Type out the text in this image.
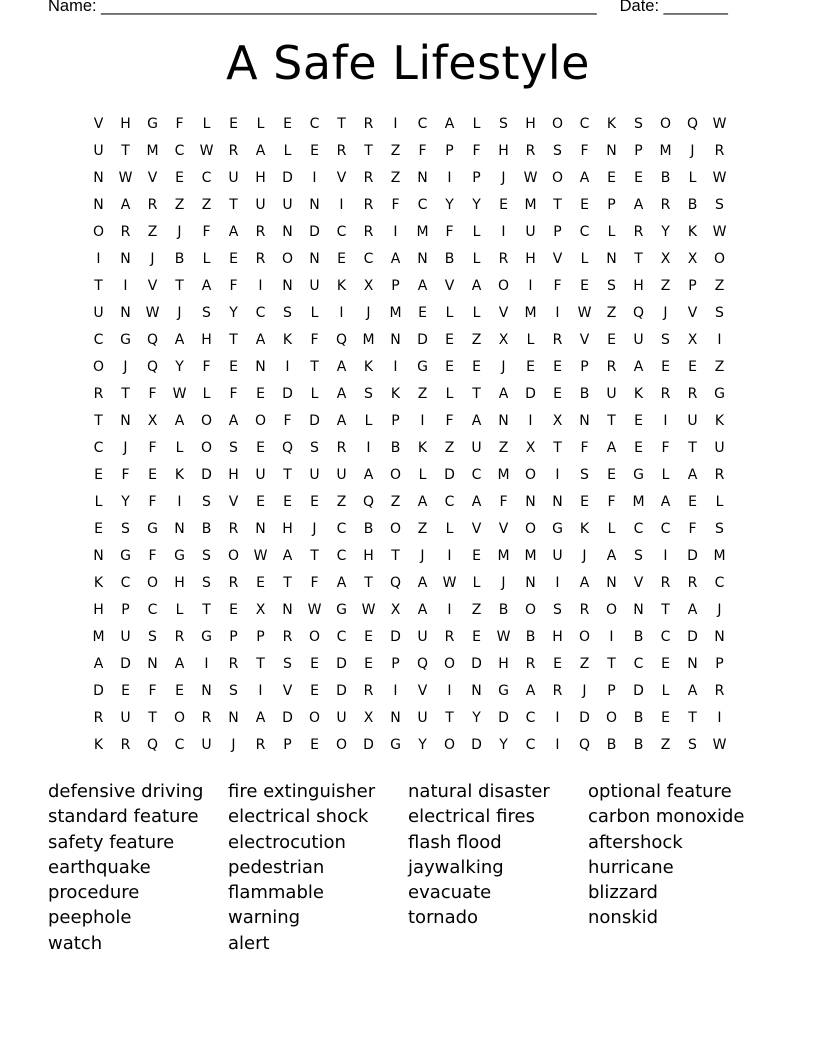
Name: ______________________________________________________     Date: _______
A Safe Lifestyle
V	H	G	F	L	E	L	E	C	T	R	I	C	A	L	S	H	O	C	K	S	O	Q	W
U	T	M	C	W	R	A	L	E	R	T	Z	F	P	F	H	R	S	F	N	P	M	J	R
N	W	V	E	C	U	H	D	I	V	R	Z	N	I	P	J	W	O	A	E	E	B	L	W
N	A	R	Z	Z	T	U	U	N	I	R	F	C	Y	Y	E	M	T	E	P	A	R	B	S
O	R	Z	J	F	A	R	N	D	C	R	I	M	F	L	I	U	P	C	L	R	Y	K	W
I	N	J	B	L	E	R	O	N	E	C	A	N	B	L	R	H	V	L	N	T	X	X	O
T	I	V	T	A	F	I	N	U	K	X	P	A	V	A	O	I	F	E	S	H	Z	P	Z
U	N	W	J	S	Y	C	S	L	I	J	M	E	L	L	V	M	I	W	Z	Q	J	V	S
C	G	Q	A	H	T	A	K	F	Q	M	N	D	E	Z	X	L	R	V	E	U	S	X	I
O	J	Q	Y	F	E	N	I	T	A	K	I	G	E	E	J	E	E	P	R	A	E	E	Z
R	T	F	W	L	F	E	D	L	A	S	K	Z	L	T	A	D	E	B	U	K	R	R	G
T	N	X	A	O	A	O	F	D	A	L	P	I	F	A	N	I	X	N	T	E	I	U	K
C	J	F	L	O	S	E	Q	S	R	I	B	K	Z	U	Z	X	T	F	A	E	F	T	U
E	F	E	K	D	H	U	T	U	U	A	O	L	D	C	M	O	I	S	E	G	L	A	R
L	Y	F	I	S	V	E	E	E	Z	Q	Z	A	C	A	F	N	N	E	F	M	A	E	L
E	S	G	N	B	R	N	H	J	C	B	O	Z	L	V	V	O	G	K	L	C	C	F	S
N	G	F	G	S	O	W	A	T	C	H	T	J	I	E	M	M	U	J	A	S	I	D	M
K	C	O	H	S	R	E	T	F	A	T	Q	A	W	L	J	N	I	A	N	V	R	R	C
H	P	C	L	T	E	X	N	W	G	W	X	A	I	Z	B	O	S	R	O	N	T	A	J
M	U	S	R	G	P	P	R	O	C	E	D	U	R	E	W	B	H	O	I	B	C	D	N
A	D	N	A	I	R	T	S	E	D	E	P	Q	O	D	H	R	E	Z	T	C	E	N	P
D	E	F	E	N	S	I	V	E	D	R	I	V	I	N	G	A	R	J	P	D	L	A	R
R	U	T	O	R	N	A	D	O	U	X	N	U	T	Y	D	C	I	D	O	B	E	T	I
K	R	Q	C	U	J	R	P	E	O	D	G	Y	O	D	Y	C	I	Q	B	B	Z	S	W
defensive driving
standard feature
safety feature
earthquake
procedure
peephole
watch
fire extinguisher
electrical shock
electrocution
pedestrian
flammable
warning
alert
natural disaster
electrical fires
flash flood
jaywalking
evacuate
tornado
optional feature
carbon monoxide
aftershock
hurricane
blizzard
nonskid
